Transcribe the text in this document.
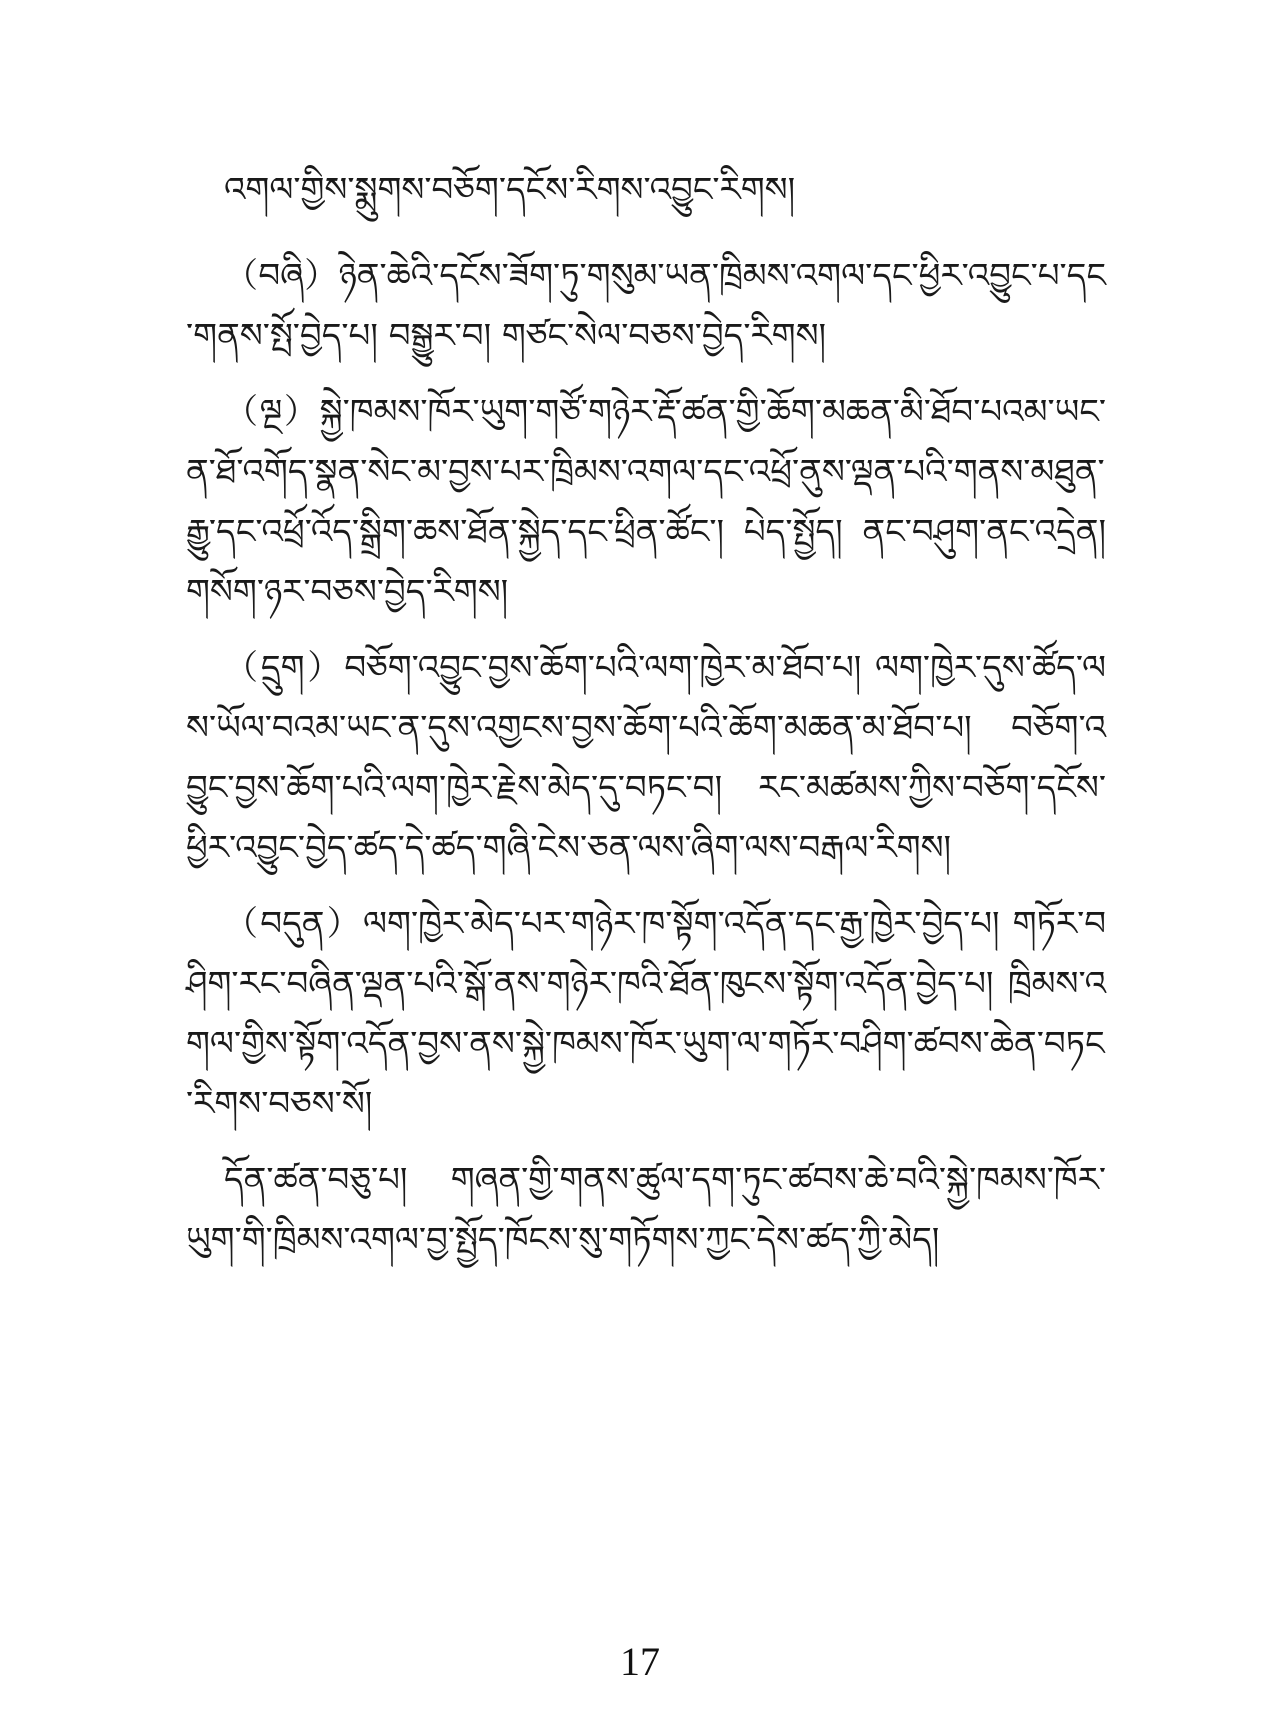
འགལ་གྱིས་སྨུགས་བཅོག་དངོས་རིགས་འབྱུང་རིགས།

（བཞི）ཉེན་ཆེའི་དངོས་ཟོག་ཏུ་གསུམ་ཡན་ཁྲིམས་འགལ་དང་ཕྱིར་འབྱུང་པ་དང་གནས་སྤོ་བྱེད་པ། བསྒྱུར་བ། གཙང་སེལ་བཅས་བྱེད་རིགས།

（ལྔ）སྐྱེ་ཁམས་ཁོར་ཡུག་གཙོ་གཉེར་རྡོ་ཚན་གྱི་ཆོག་མཆན་མི་ཐོབ་པའམ་ཡང་ན་ཐོ་འགོད་སྣན་སེང་མ་བྱས་པར་ཁྲིམས་འགལ་དང་འཕྲོ་ནུས་ལྡན་པའི་གནས་མཐུན་རྒྱུ་དང་འཕྲོ་འོད་སྒྲིག་ཆས་ཐོན་སྐྱེད་དང་ཕྲིན་ཚོང་། པེད་སྤྱོད། ནང་བཤུག་ནང་འདྲེན། གསོག་ཉར་བཅས་བྱེད་རིགས།

（དྲུག）བཅོག་འབྱུང་བྱས་ཆོག་པའི་ལག་ཁྱེར་མ་ཐོབ་པ། ལག་ཁྱེར་དུས་ཚོད་ལས་ཡོལ་བའམ་ཡང་ན་དུས་འགྱངས་བྱས་ཆོག་པའི་ཆོག་མཆན་མ་ཐོབ་པ། བཅོག་འབྱུང་བྱས་ཆོག་པའི་ལག་ཁྱེར་རྗེས་མེད་དུ་བཏང་བ། རང་མཚམས་ཀྱིས་བཅོག་དངོས་ཕྱིར་འབྱུང་བྱེད་ཚད་དེ་ཚད་གཞི་ངེས་ཅན་ལས་ཞིག་ལས་བརྒལ་རིགས།

（བདུན）ལག་ཁྱེར་མེད་པར་གཉེར་ཁ་སྟོག་འདོན་དང་རྒྱ་ཁྱེར་བྱེད་པ། གཏོར་བཤིག་རང་བཞིན་ལྡན་པའི་སྒོ་ནས་གཉེར་ཁའི་ཐོན་ཁུངས་སྟོག་འདོན་བྱེད་པ། ཁྲིམས་འགལ་གྱིས་སྟོག་འདོན་བྱས་ནས་སྐྱེ་ཁམས་ཁོར་ཡུག་ལ་གཏོར་བཤིག་ཚབས་ཆེན་བཏང་རིགས་བཅས་སོ།

དོན་ཚན་བཅུ་པ། གཞན་གྱི་གནས་ཚུལ་དག་ཏུང་ཚབས་ཆེ་བའི་སྐྱེ་ཁམས་ཁོར་ཡུག་གི་ཁྲིམས་འགལ་བྱ་སྤྱོད་ཁོངས་སུ་གཏོགས་ཀྱང་དེས་ཚད་ཀྱི་མེད།

17
